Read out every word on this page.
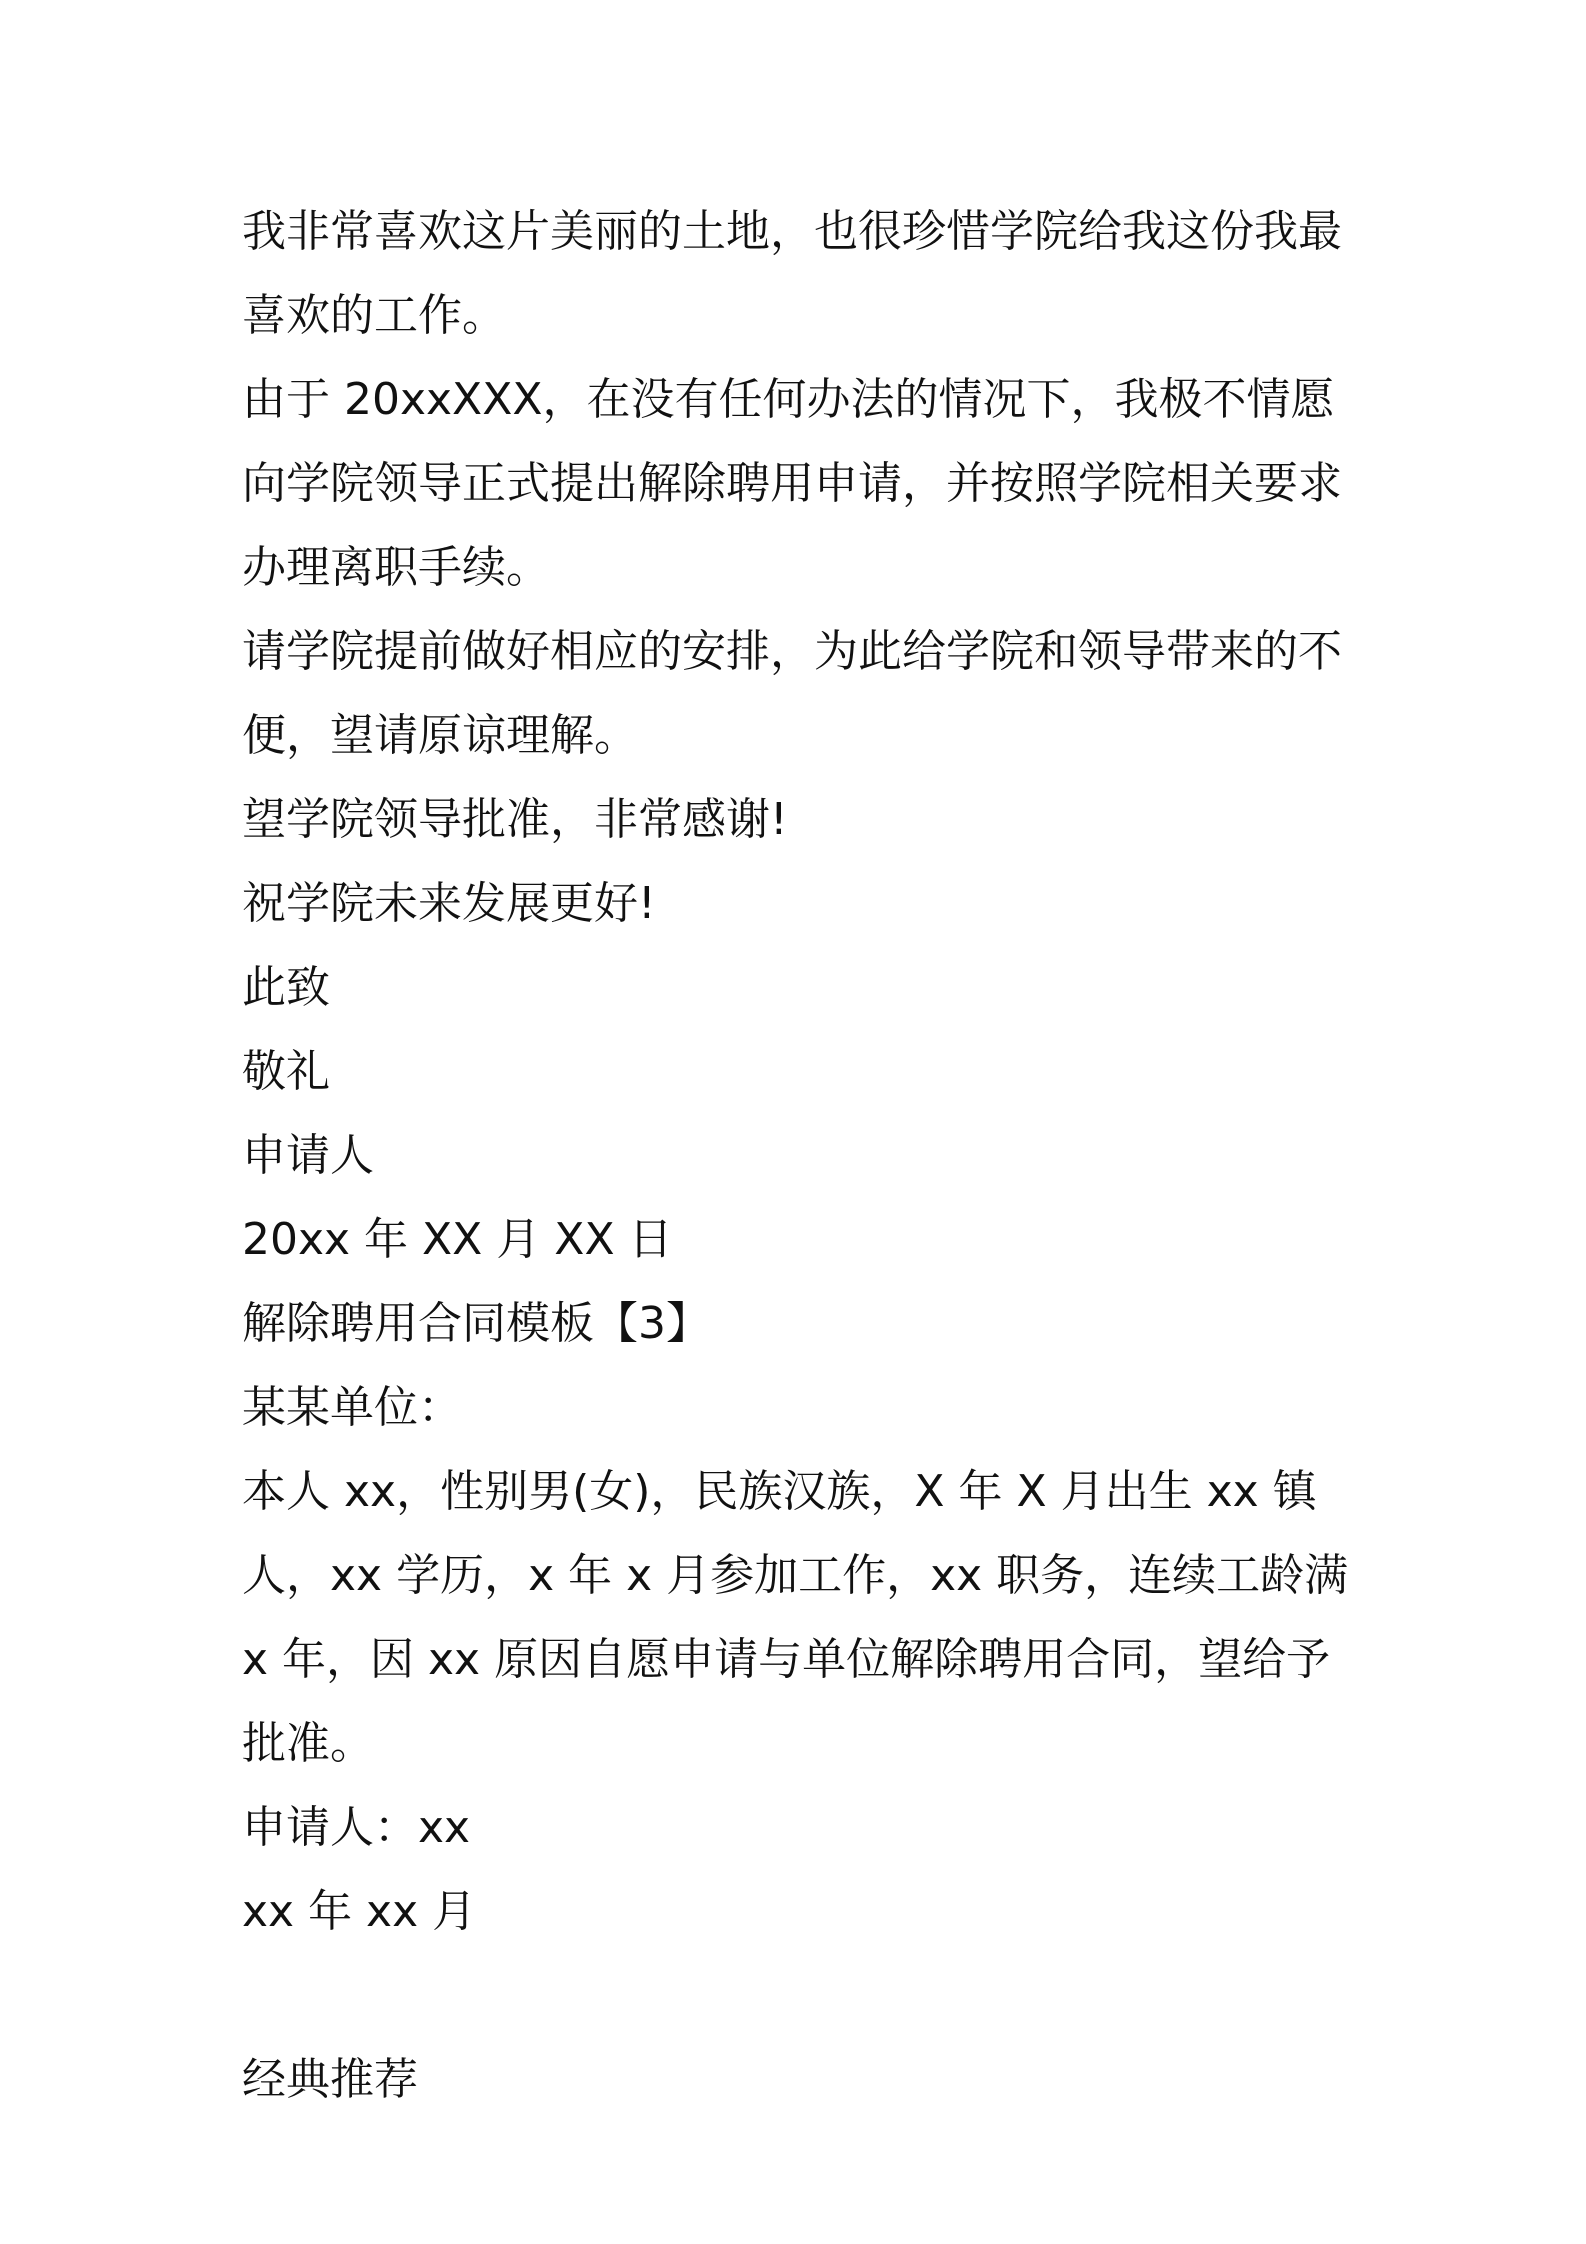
我非常喜欢这片美丽的土地，也很珍惜学院给我这份我最喜欢的工作。

由于 20xxXXX，在没有任何办法的情况下，我极不情愿向学院领导正式提出解除聘用申请，并按照学院相关要求办理离职手续。

请学院提前做好相应的安排，为此给学院和领导带来的不便，望请原谅理解。

望学院领导批准，非常感谢!

祝学院未来发展更好!

此致

敬礼

申请人

20xx 年 XX 月 XX 日

解除聘用合同模板【3】

某某单位：

本人 xx，性别男(女)，民族汉族，X 年 X 月出生 xx 镇人，xx 学历，x 年 x 月参加工作，xx 职务，连续工龄满 x 年，因 xx 原因自愿申请与单位解除聘用合同，望给予批准。

申请人：xx

xx 年 xx 月

经典推荐
